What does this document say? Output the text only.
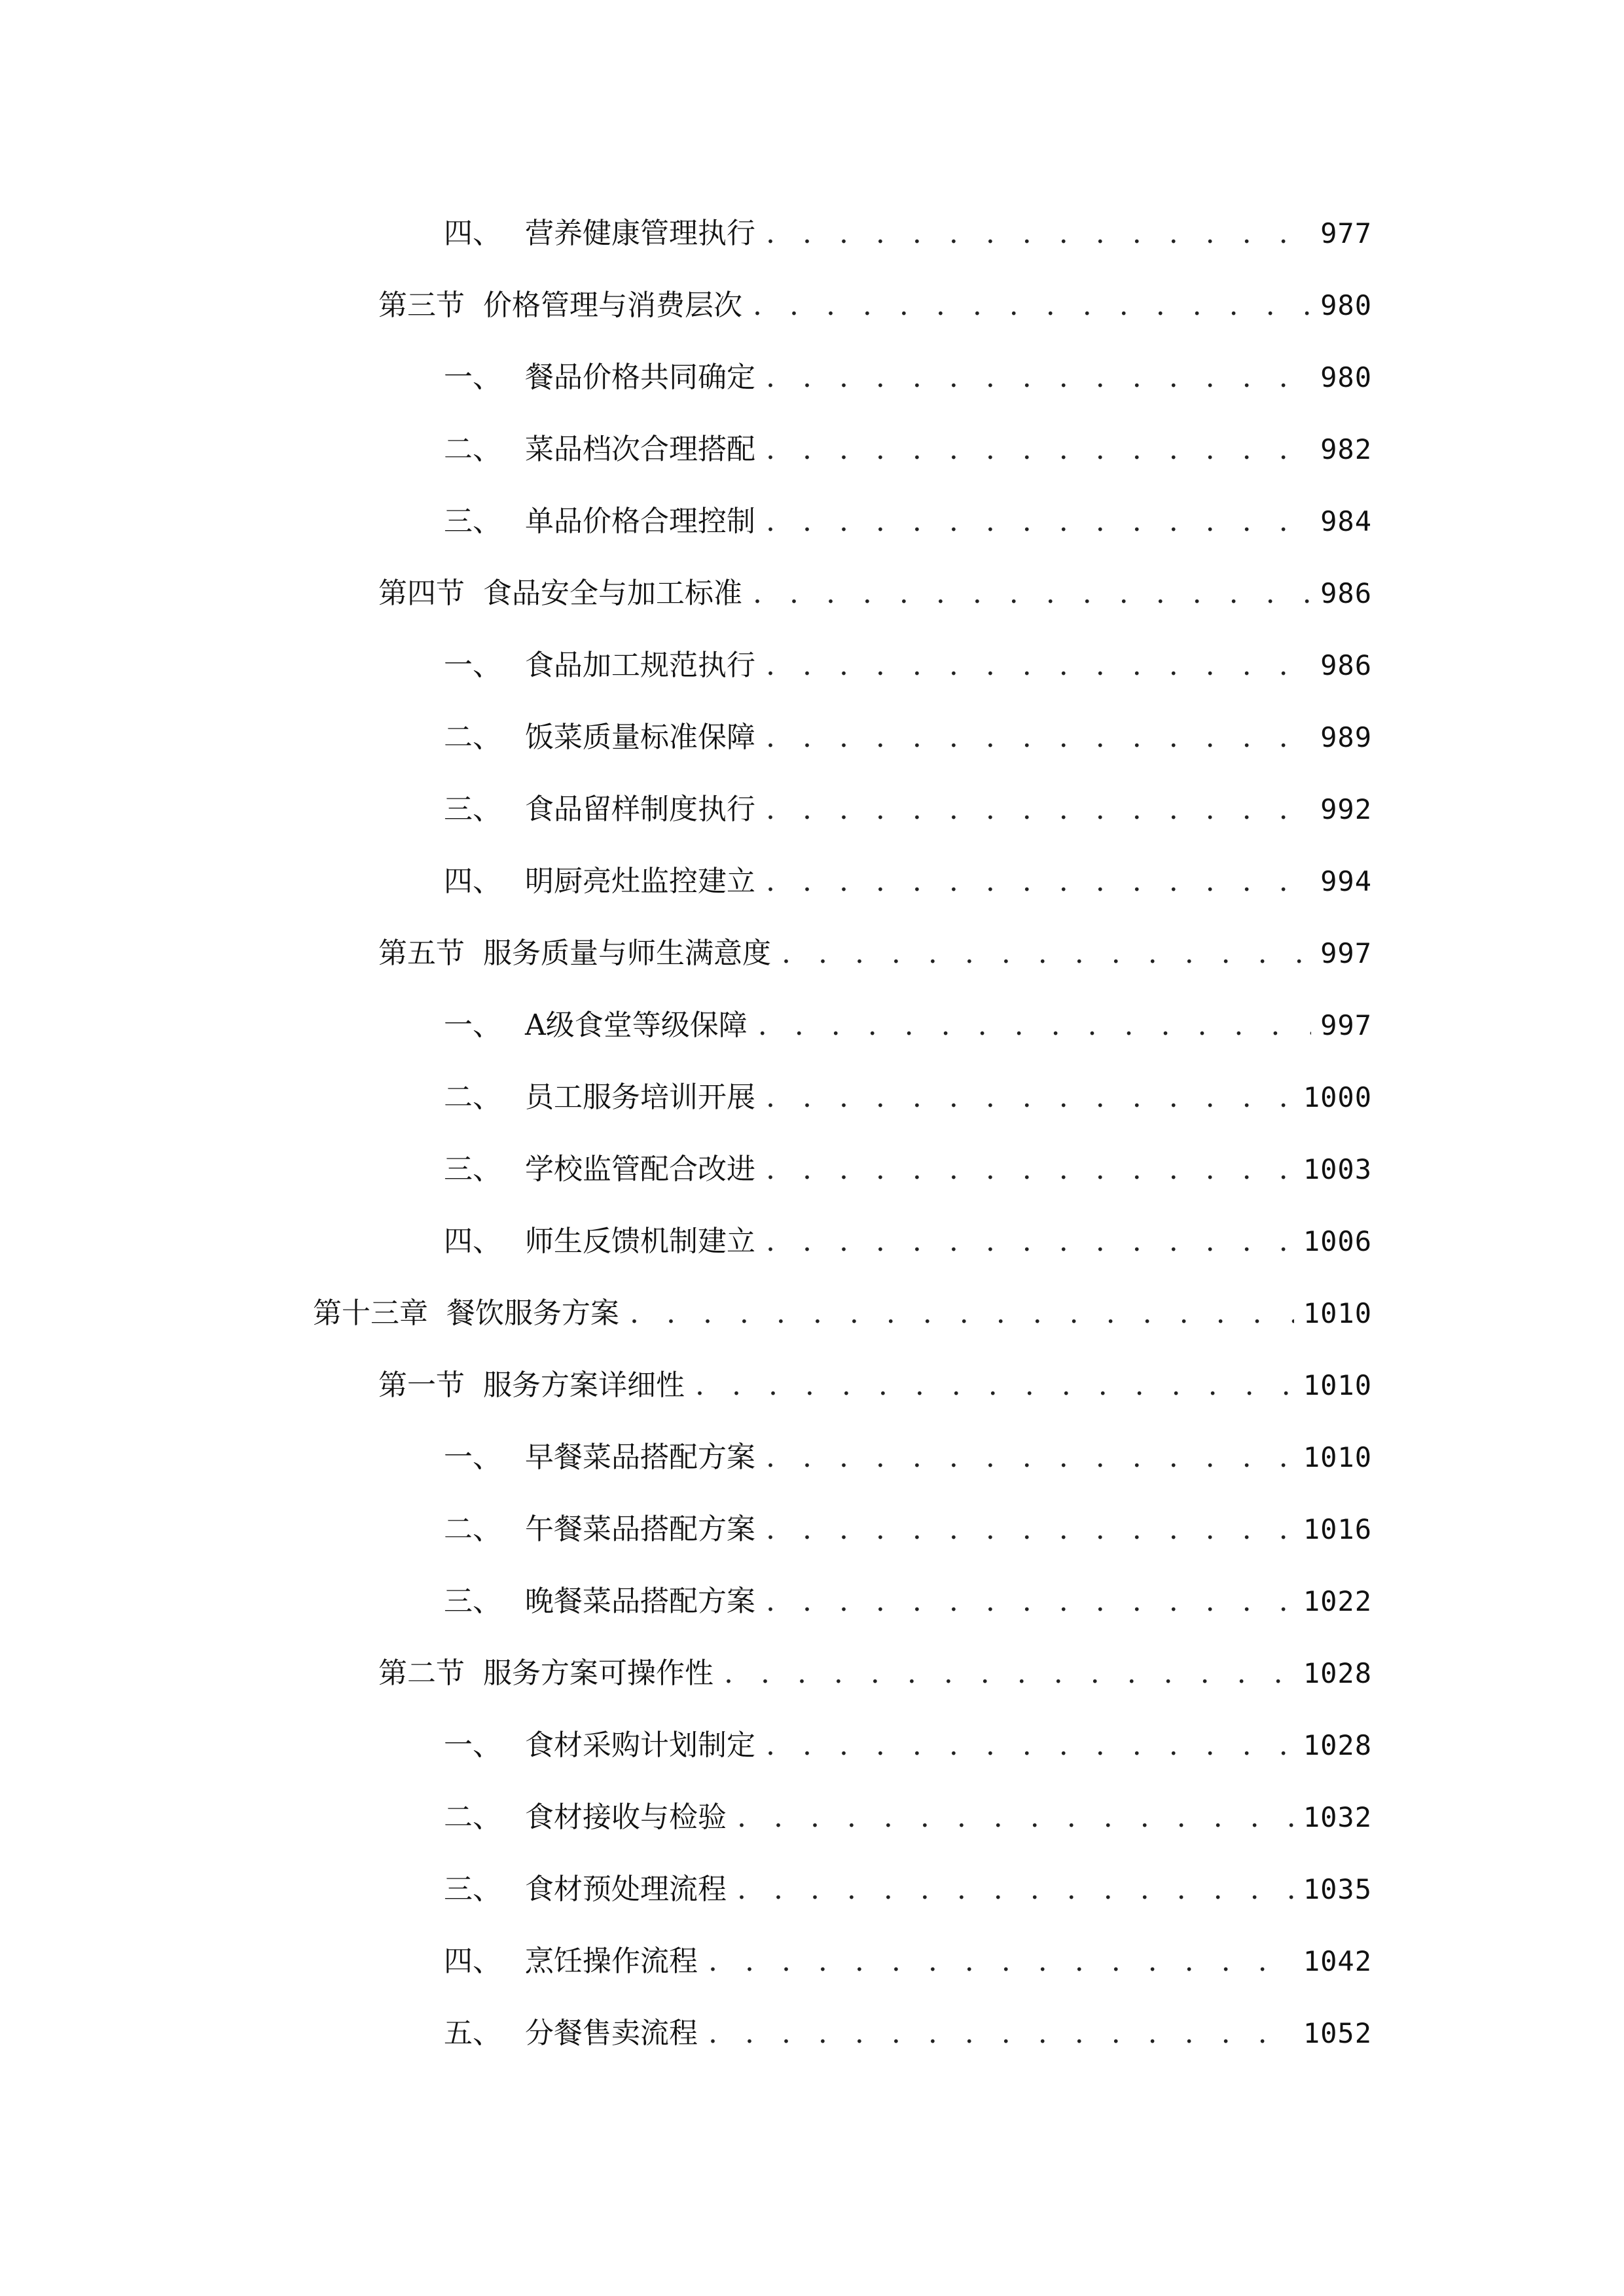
四、 营养健康管理执行 . . .	977
第三节 价格管理与消费层次 . . .	980
一、 餐品价格共同确定 . . .	980
二、 菜品档次合理搭配 . . .	982
三、 单品价格合理控制 . . .	984
第四节 食品安全与加工标准 . . .	986
一、 食品加工规范执行 . . .	986
二、 饭菜质量标准保障 . . .	989
三、 食品留样制度执行 . . .	992
四、 明厨亮灶监控建立 . . .	994
第五节 服务质量与师生满意度 . . .	997
一、 A级食堂等级保障 . . .	997
二、 员工服务培训开展 . . .	1000
三、 学校监管配合改进 . . .	1003
四、 师生反馈机制建立 . . .	1006
第十三章 餐饮服务方案 . . .	1010
第一节 服务方案详细性 . . .	1010
一、 早餐菜品搭配方案 . . .	1010
二、 午餐菜品搭配方案 . . .	1016
三、 晚餐菜品搭配方案 . . .	1022
第二节 服务方案可操作性 . . .	1028
一、 食材采购计划制定 . . .	1028
二、 食材接收与检验 . . .	1032
三、 食材预处理流程 . . .	1035
四、 烹饪操作流程 . . .	1042
五、 分餐售卖流程 . . .	1052
